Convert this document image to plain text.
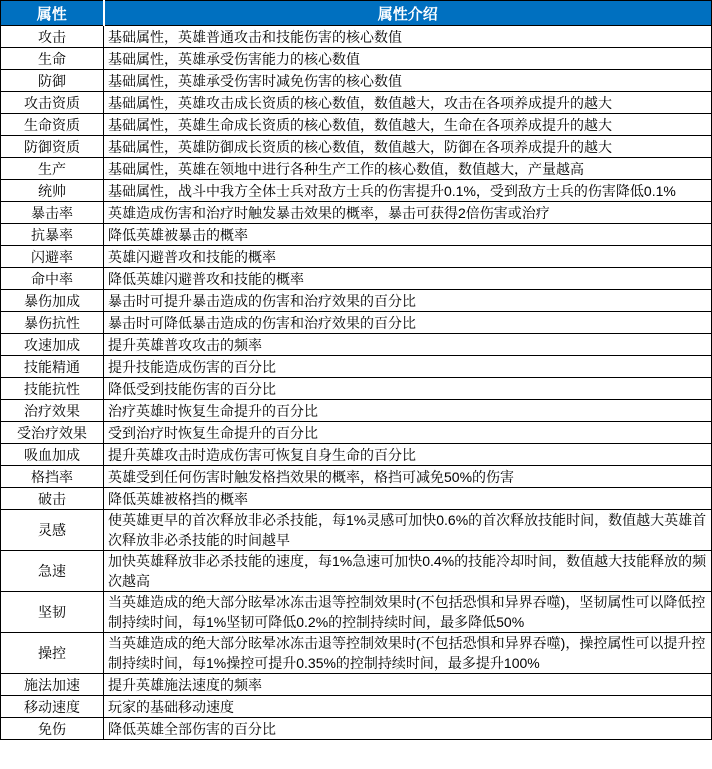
属性	属性介绍
攻击	基础属性，英雄普通攻击和技能伤害的核心数值
生命	基础属性，英雄承受伤害能力的核心数值
防御	基础属性，英雄承受伤害时减免伤害的核心数值
攻击资质	基础属性，英雄攻击成长资质的核心数值，数值越大，攻击在各项养成提升的越大
生命资质	基础属性，英雄生命成长资质的核心数值，数值越大，生命在各项养成提升的越大
防御资质	基础属性，英雄防御成长资质的核心数值，数值越大，防御在各项养成提升的越大
生产	基础属性，英雄在领地中进行各种生产工作的核心数值，数值越大，产量越高
统帅	基础属性，战斗中我方全体士兵对敌方士兵的伤害提升0.1%，受到敌方士兵的伤害降低0.1%
暴击率	英雄造成伤害和治疗时触发暴击效果的概率，暴击可获得2倍伤害或治疗
抗暴率	降低英雄被暴击的概率
闪避率	英雄闪避普攻和技能的概率
命中率	降低英雄闪避普攻和技能的概率
暴伤加成	暴击时可提升暴击造成的伤害和治疗效果的百分比
暴伤抗性	暴击时可降低暴击造成的伤害和治疗效果的百分比
攻速加成	提升英雄普攻攻击的频率
技能精通	提升技能造成伤害的百分比
技能抗性	降低受到技能伤害的百分比
治疗效果	治疗英雄时恢复生命提升的百分比
受治疗效果	受到治疗时恢复生命提升的百分比
吸血加成	提升英雄攻击时造成伤害可恢复自身生命的百分比
格挡率	英雄受到任何伤害时触发格挡效果的概率，格挡可减免50%的伤害
破击	降低英雄被格挡的概率
灵感	使英雄更早的首次释放非必杀技能，每1%灵感可加快0.6%的首次释放技能时间，数值越大英雄首次释放非必杀技能的时间越早
急速	加快英雄释放非必杀技能的速度，每1%急速可加快0.4%的技能冷却时间，数值越大技能释放的频次越高
坚韧	当英雄造成的绝大部分眩晕冰冻击退等控制效果时(不包括恐惧和异界吞噬)，坚韧属性可以降低控制持续时间，每1%坚韧可降低0.2%的控制持续时间，最多降低50%
操控	当英雄造成的绝大部分眩晕冰冻击退等控制效果时(不包括恐惧和异界吞噬)，操控属性可以提升控制持续时间，每1%操控可提升0.35%的控制持续时间，最多提升100%
施法加速	提升英雄施法速度的频率
移动速度	玩家的基础移动速度
免伤	降低英雄全部伤害的百分比
